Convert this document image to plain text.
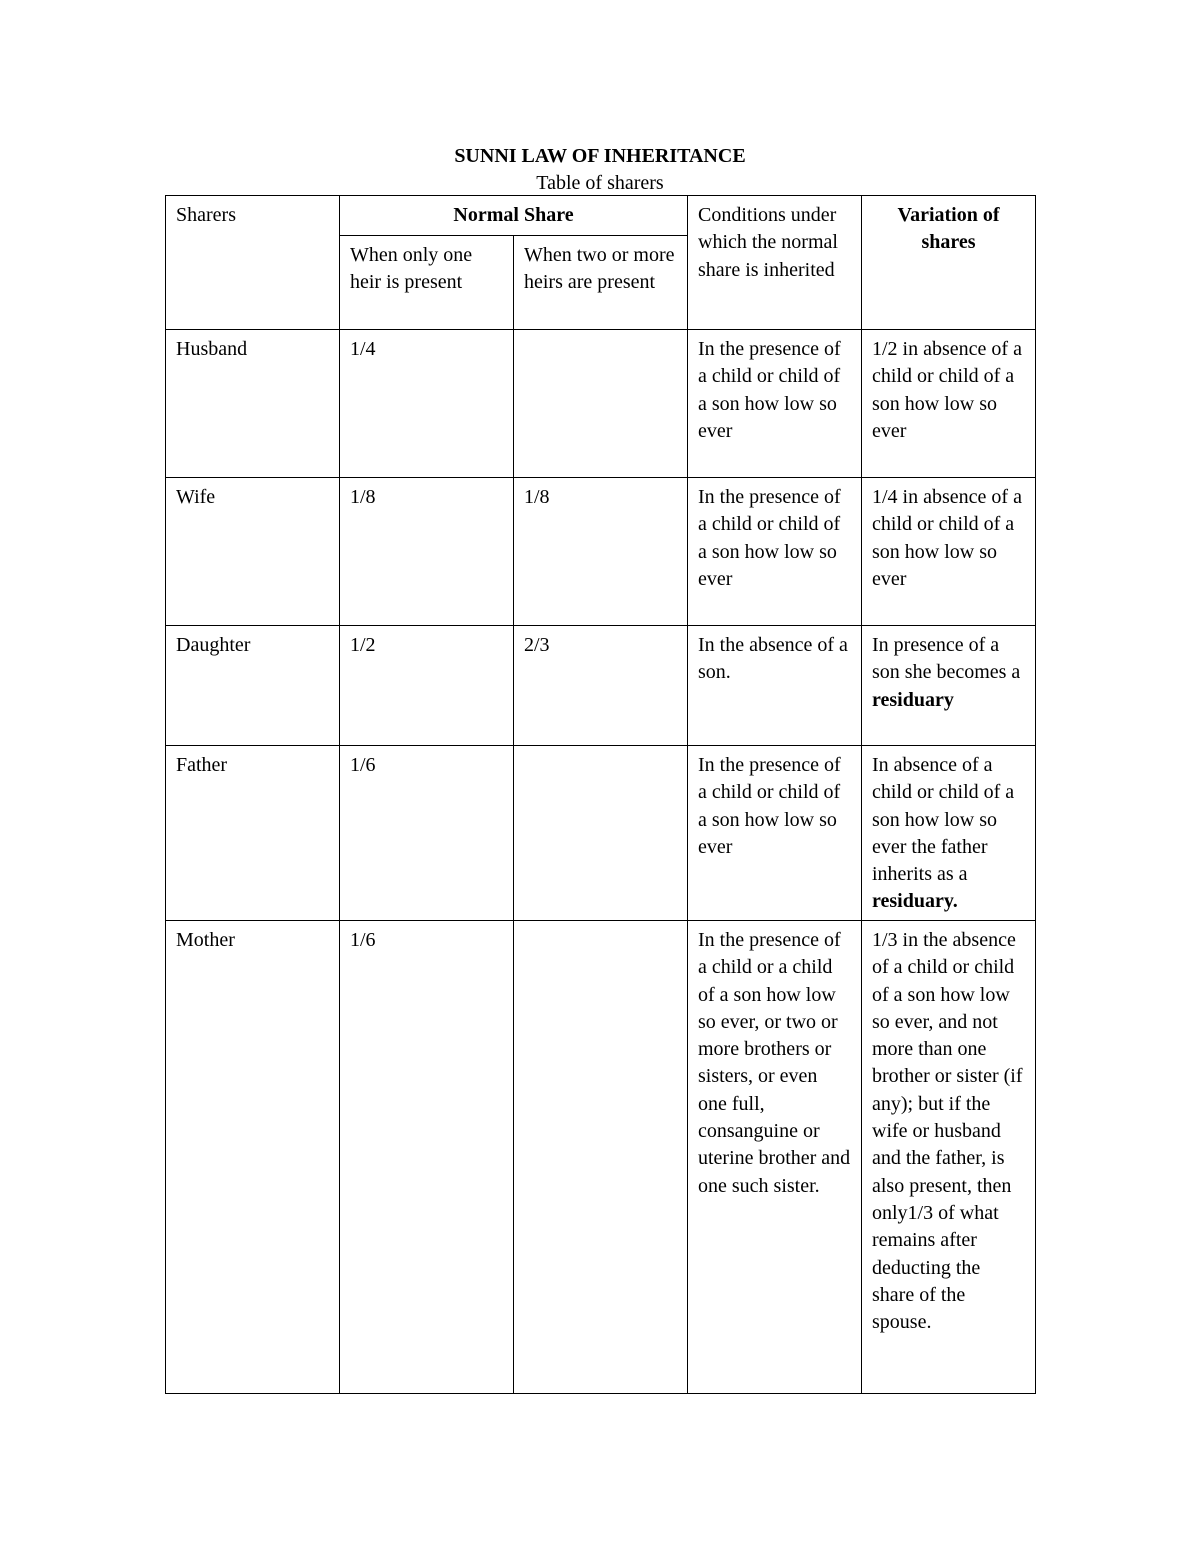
SUNNI LAW OF INHERITANCE
Table of sharers
Sharers	Normal Share		Conditions under which the normal share is inherited	Variation of shares
	When only one heir is present	When two or more heirs are present		
Husband	1/4		In the presence of a child or child of a son how low so ever	1/2 in absence of a child or child of a son how low so ever
Wife	1/8	1/8	In the presence of a child or child of a son how low so ever	1/4 in absence of a child or child of a son how low so ever
Daughter	1/2	2/3	In the absence of a son.	In presence of a son she becomes a residuary
Father	1/6		In the presence of a child or child of a son how low so ever	In absence of a child or child of a son how low so ever the father inherits as a residuary.
Mother	1/6		In the presence of a child or a child of a son how low so ever, or two or more brothers or sisters, or even one full, consanguine or uterine brother and one such sister.	1/3 in the absence of a child or child of a son how low so ever, and not more than one brother or sister (if any); but if the wife or husband and the father, is also present, then only1/3 of what remains after deducting the share of the spouse.
